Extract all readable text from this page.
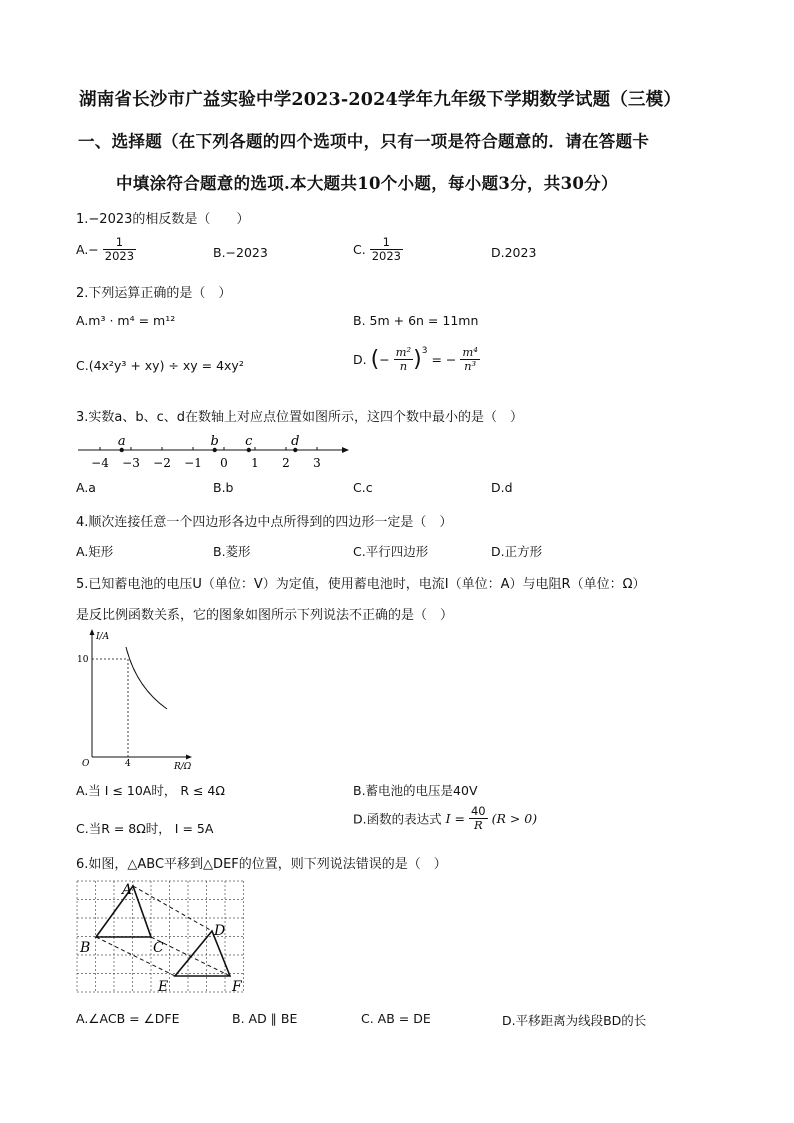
湖南省长沙市广益实验中学2023-2024学年九年级下学期数学试题（三模）
一、选择题（在下列各题的四个选项中，只有一项是符合题意的．请在答题卡
中填涂符合题意的选项.本大题共10个小题，每小题3分，共30分）
1.−2023的相反数是（　　）
$A.- \frac{1}{2023}$	B.−2023	C. $\frac{1}{2023}$	D.2023
2.下列运算正确的是（　）
A.m³ · m⁴ = m¹²	B. 5m + 6n = 11mn
C.(4x²y³ + xy) ÷ xy = 4xy²	D. (− $\frac{\text{m²}}{n} )^3$ = − $\frac{\text{m⁴}}{\text{n³}}$
3.实数a、b、c、d在数轴上对应点位置如图所示，这四个数中最小的是（　）
−4 −3 −2 −1 0 1 2 3
a	b c	d
A.a	B.b	C.c	D.d
4.顺次连接任意一个四边形各边中点所得到的四边形一定是（　）
A.矩形	B.菱形	C.平行四边形	D.正方形
5.已知蓄电池的电压U（单位：V）为定值，使用蓄电池时，电流I（单位：A）与电阻R（单位：Ω）
是反比例函数关系，它的图象如图所示下列说法不正确的是（　）
I/A
R/Ω
O
10
4
A.当 I ≤ 10A时， R ≤ 4Ω	B.蓄电池的电压是40V
C.当R = 8Ω时， I = 5A
D.函数的表达式 $I = \frac{40}{R} (R > 0)$
6.如图，△ABC平移到△DEF的位置，则下列说法错误的是（　）
A
B	C
D
E	F
A.∠ACB = ∠DFE	B. AD ∥ BE	C. AB = DE	D.平移距离为线段BD的长
